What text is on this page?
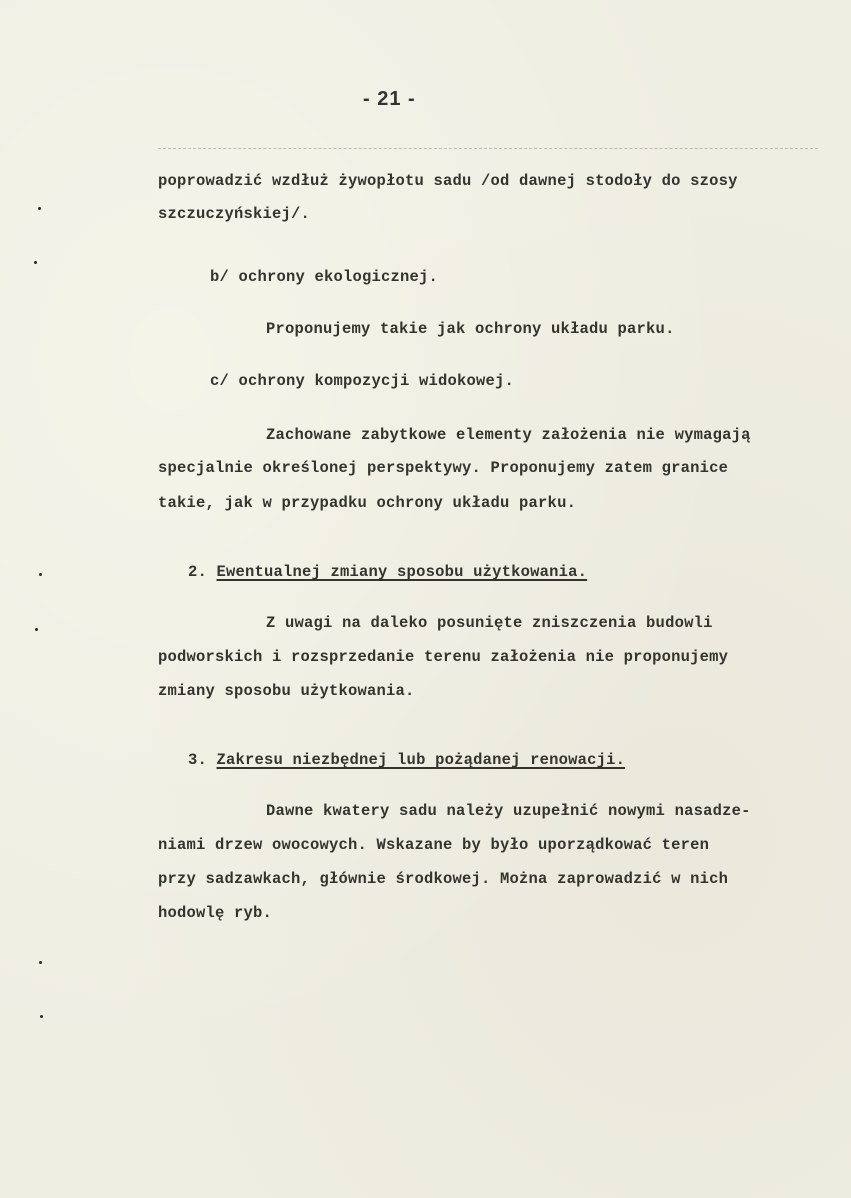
- 21 -
poprowadzić wzdłuż żywopłotu sadu /od dawnej stodoły do szosy
szczuczyńskiej/.
b/ ochrony ekologicznej.
Proponujemy takie jak ochrony układu parku.
c/ ochrony kompozycji widokowej.
Zachowane zabytkowe elementy założenia nie wymagają
specjalnie określonej perspektywy. Proponujemy zatem granice
takie, jak w przypadku ochrony układu parku.
2. Ewentualnej zmiany sposobu użytkowania.
Z uwagi na daleko posunięte zniszczenia budowli
podworskich i rozsprzedanie terenu założenia nie proponujemy
zmiany sposobu użytkowania.
3. Zakresu niezbędnej lub pożądanej renowacji.
Dawne kwatery sadu należy uzupełnić nowymi nasadze-
niami drzew owocowych. Wskazane by było uporządkować teren
przy sadzawkach, głównie środkowej. Można zaprowadzić w nich
hodowlę ryb.
